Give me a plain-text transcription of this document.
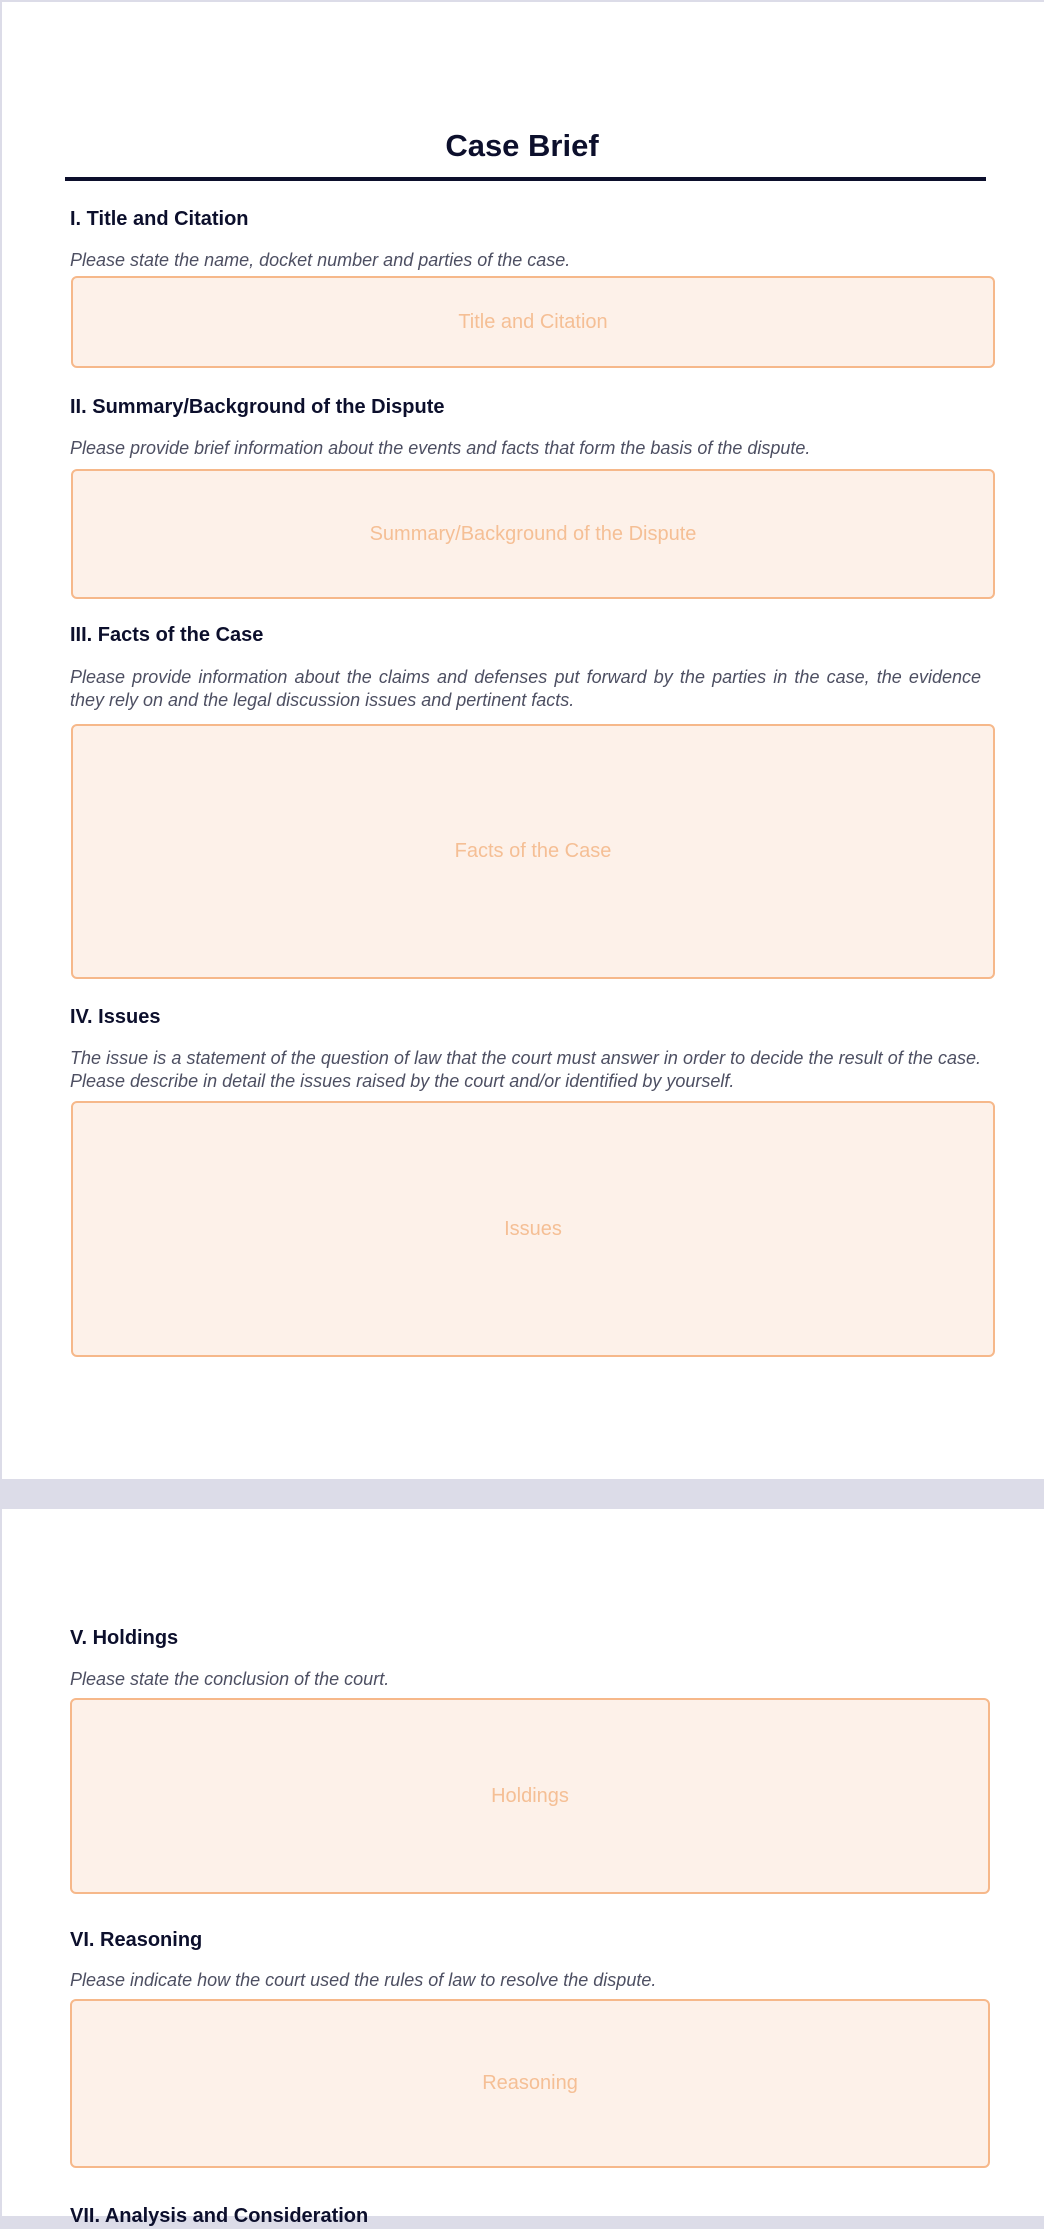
Case Brief
I. Title and Citation

Please state the name, docket number and parties of the case.

Title and Citation
II. Summary/Background of the Dispute

Please provide brief information about the events and facts that form the basis of the dispute.

Summary/Background of the Dispute
III. Facts of the Case

Please provide information about the claims and defenses put forward by the parties in the case, the evidence they rely on and the legal discussion issues and pertinent facts.

Facts of the Case
IV. Issues

The issue is a statement of the question of law that the court must answer in order to decide the result of the case. Please describe in detail the issues raised by the court and/or identified by yourself.

Issues
V. Holdings

Please state the conclusion of the court.

Holdings
VI. Reasoning

Please indicate how the court used the rules of law to resolve the dispute.

Reasoning
VII. Analysis and Consideration
